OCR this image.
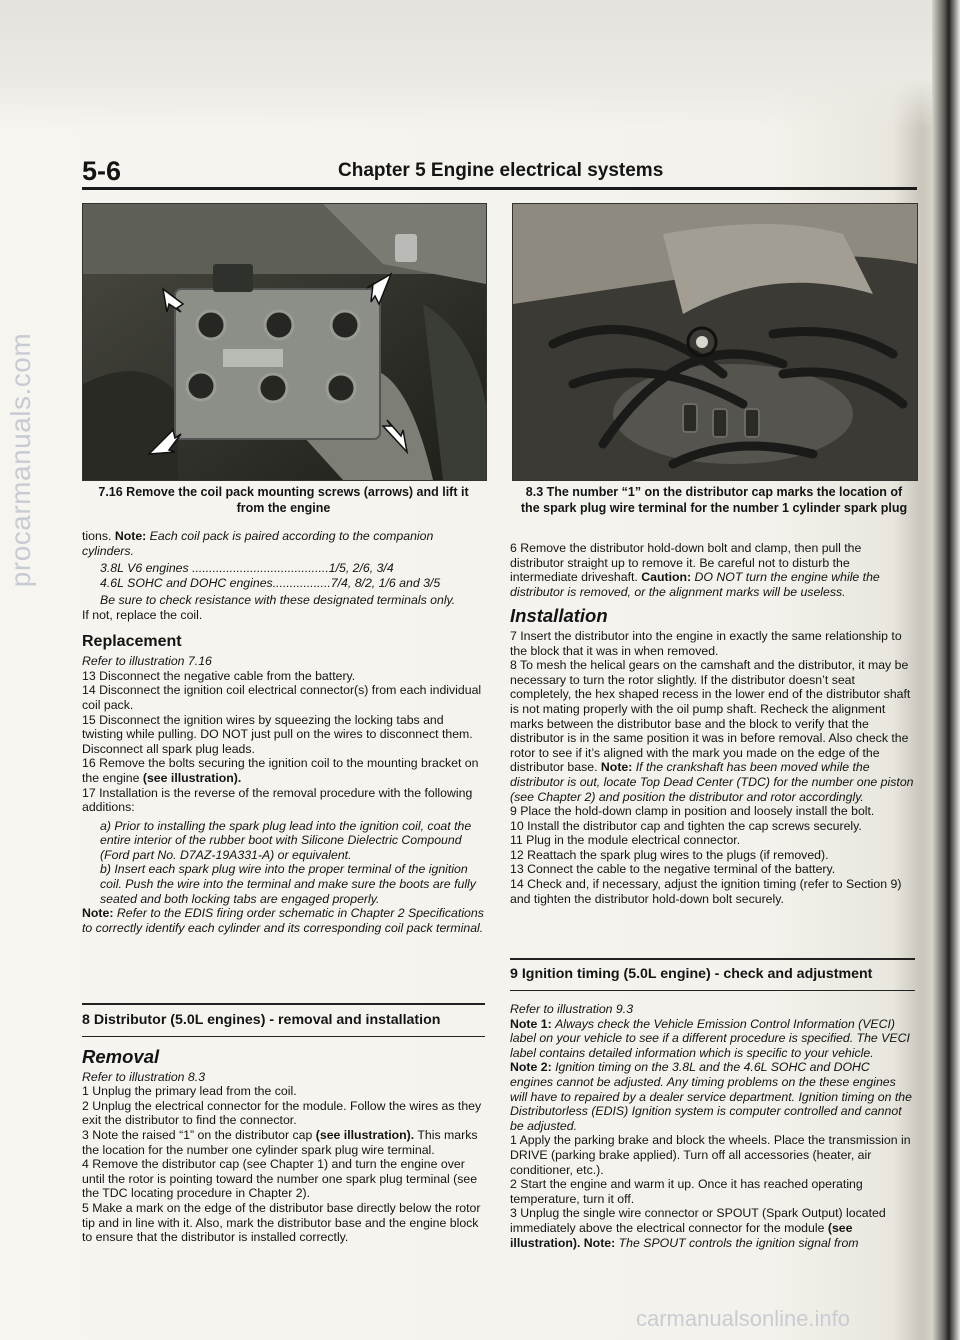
procarmanuals.com
5-6	Chapter 5 Engine electrical systems
7.16 Remove the coil pack mounting screws (arrows) and lift it
from the engine
8.3 The number “1” on the distributor cap marks the location of
the spark plug wire terminal for the number 1 cylinder spark plug

tions. Note: Each coil pack is paired according to the companion cylinders.

3.8L V6 engines ........................................1/5, 2/6, 3/4
4.6L SOHC and DOHC engines.................7/4, 8/2, 1/6 and 3/5

Be sure to check resistance with these designated terminals only.

If not, replace the coil.

Replacement

Refer to illustration 7.16

13 Disconnect the negative cable from the battery.

14 Disconnect the ignition coil electrical connector(s) from each individual coil pack.

15 Disconnect the ignition wires by squeezing the locking tabs and twisting while pulling. DO NOT just pull on the wires to disconnect them. Disconnect all spark plug leads.

16 Remove the bolts securing the ignition coil to the mounting bracket on the engine (see illustration).

17 Installation is the reverse of the removal procedure with the following additions:

a) Prior to installing the spark plug lead into the ignition coil, coat the entire interior of the rubber boot with Silicone Dielectric Compound (Ford part No. D7AZ-19A331-A) or equivalent.

b) Insert each spark plug wire into the proper terminal of the ignition coil. Push the wire into the terminal and make sure the boots are fully seated and both locking tabs are engaged properly.

Note: Refer to the EDIS firing order schematic in Chapter 2 Specifications to correctly identify each cylinder and its corresponding coil pack terminal.

8 Distributor (5.0L engines) - removal and installation

Removal

Refer to illustration 8.3

1 Unplug the primary lead from the coil.

2 Unplug the electrical connector for the module. Follow the wires as they exit the distributor to find the connector.

3 Note the raised “1” on the distributor cap (see illustration). This marks the location for the number one cylinder spark plug wire terminal.

4 Remove the distributor cap (see Chapter 1) and turn the engine over until the rotor is pointing toward the number one spark plug terminal (see the TDC locating procedure in Chapter 2).

5 Make a mark on the edge of the distributor base directly below the rotor tip and in line with it. Also, mark the distributor base and the engine block to ensure that the distributor is installed correctly.

6 Remove the distributor hold-down bolt and clamp, then pull the distributor straight up to remove it. Be careful not to disturb the intermediate driveshaft. Caution: DO NOT turn the engine while the distributor is removed, or the alignment marks will be useless.

Installation

7 Insert the distributor into the engine in exactly the same relationship to the block that it was in when removed.

8 To mesh the helical gears on the camshaft and the distributor, it may be necessary to turn the rotor slightly. If the distributor doesn’t seat completely, the hex shaped recess in the lower end of the distributor shaft is not mating properly with the oil pump shaft. Recheck the alignment marks between the distributor base and the block to verify that the distributor is in the same position it was in before removal. Also check the rotor to see if it’s aligned with the mark you made on the edge of the distributor base. Note: If the crankshaft has been moved while the distributor is out, locate Top Dead Center (TDC) for the number one piston (see Chapter 2) and position the distributor and rotor accordingly.

9 Place the hold-down clamp in position and loosely install the bolt.

10 Install the distributor cap and tighten the cap screws securely.

11 Plug in the module electrical connector.

12 Reattach the spark plug wires to the plugs (if removed).

13 Connect the cable to the negative terminal of the battery.

14 Check and, if necessary, adjust the ignition timing (refer to Section 9) and tighten the distributor hold-down bolt securely.

9 Ignition timing (5.0L engine) - check and adjustment

Refer to illustration 9.3

Note 1: Always check the Vehicle Emission Control Information (VECI) label on your vehicle to see if a different procedure is specified. The VECI label contains detailed information which is specific to your vehicle.

Note 2: Ignition timing on the 3.8L and the 4.6L SOHC and DOHC engines cannot be adjusted. Any timing problems on the these engines will have to repaired by a dealer service department. Ignition timing on the Distributorless (EDIS) Ignition system is computer controlled and cannot be adjusted.

1 Apply the parking brake and block the wheels. Place the transmission in DRIVE (parking brake applied). Turn off all accessories (heater, air conditioner, etc.).

2 Start the engine and warm it up. Once it has reached operating temperature, turn it off.

3 Unplug the single wire connector or SPOUT (Spark Output) located immediately above the electrical connector for the module (see illustration). Note: The SPOUT controls the ignition signal from

carmanualsonline.info
